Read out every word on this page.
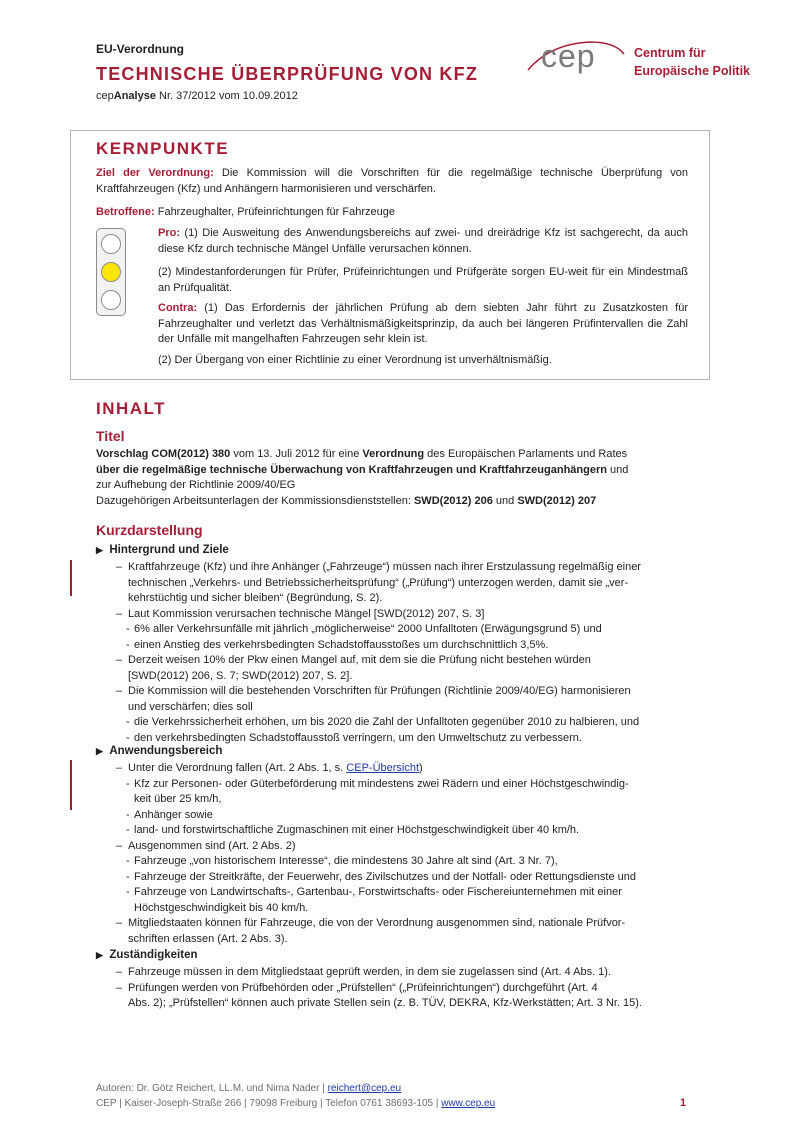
EU-Verordnung
TECHNISCHE ÜBERPRÜFUNG VON KFZ
cepAnalyse Nr. 37/2012 vom 10.09.2012
cep	Centrum für
Europäische Politik
KERNPUNKTE
Ziel der Verordnung: Die Kommission will die Vorschriften für die regelmäßige technische Überprüfung von Kraftfahrzeugen (Kfz) und Anhängern harmonisieren und verschärfen.
Betroffene: Fahrzeughalter, Prüfeinrichtungen für Fahrzeuge
Pro: (1) Die Ausweitung des Anwendungsbereichs auf zwei- und dreirädrige Kfz ist sachgerecht, da auch diese Kfz durch technische Mängel Unfälle verursachen können.
(2) Mindestanforderungen für Prüfer, Prüfeinrichtungen und Prüfgeräte sorgen EU-weit für ein Mindestmaß an Prüfqualität.
Contra: (1) Das Erfordernis der jährlichen Prüfung ab dem siebten Jahr führt zu Zusatzkosten für Fahrzeughalter und verletzt das Verhältnismäßigkeitsprinzip, da auch bei längeren Prüfintervallen die Zahl der Unfälle mit mangelhaften Fahrzeugen sehr klein ist.
(2) Der Übergang von einer Richtlinie zu einer Verordnung ist unverhältnismäßig.
INHALT
Titel
Vorschlag COM(2012) 380 vom 13. Juli 2012 für eine Verordnung des Europäischen Parlaments und Rates
über die regelmäßige technische Überwachung von Kraftfahrzeugen und Kraftfahrzeuganhängern und
zur Aufhebung der Richtlinie 2009/40/EG
Dazugehörigen Arbeitsunterlagen der Kommissionsdienststellen: SWD(2012) 206 und SWD(2012) 207
Kurzdarstellung
▶ Hintergrund und Ziele
– Kraftfahrzeuge (Kfz) und ihre Anhänger („Fahrzeuge“) müssen nach ihrer Erstzulassung regelmäßig einer
technischen „Verkehrs- und Betriebssicherheitsprüfung“ („Prüfung“) unterzogen werden, damit sie „ver-
kehrstüchtig und sicher bleiben“ (Begründung, S. 2).
– Laut Kommission verursachen technische Mängel [SWD(2012) 207, S. 3]
- 6% aller Verkehrsunfälle mit jährlich „möglicherweise“ 2000 Unfalltoten (Erwägungsgrund 5) und
- einen Anstieg des verkehrsbedingten Schadstoffausstoßes um durchschnittlich 3,5%.
– Derzeit weisen 10% der Pkw einen Mangel auf, mit dem sie die Prüfung nicht bestehen würden
[SWD(2012) 206, S. 7; SWD(2012) 207, S. 2].
– Die Kommission will die bestehenden Vorschriften für Prüfungen (Richtlinie 2009/40/EG) harmonisieren
und verschärfen; dies soll
- die Verkehrssicherheit erhöhen, um bis 2020 die Zahl der Unfalltoten gegenüber 2010 zu halbieren, und
- den verkehrsbedingten Schadstoffausstoß verringern, um den Umweltschutz zu verbessern.
▶ Anwendungsbereich
– Unter die Verordnung fallen (Art. 2 Abs. 1, s. CEP-Übersicht)
- Kfz zur Personen- oder Güterbeförderung mit mindestens zwei Rädern und einer Höchstgeschwindig-
keit über 25 km/h,
- Anhänger sowie
- land- und forstwirtschaftliche Zugmaschinen mit einer Höchstgeschwindigkeit über 40 km/h.
– Ausgenommen sind (Art. 2 Abs. 2)
- Fahrzeuge „von historischem Interesse“, die mindestens 30 Jahre alt sind (Art. 3 Nr. 7),
- Fahrzeuge der Streitkräfte, der Feuerwehr, des Zivilschutzes und der Notfall- oder Rettungsdienste und
- Fahrzeuge von Landwirtschafts-, Gartenbau-, Forstwirtschafts- oder Fischereiunternehmen mit einer
Höchstgeschwindigkeit bis 40 km/h.
– Mitgliedstaaten können für Fahrzeuge, die von der Verordnung ausgenommen sind, nationale Prüfvor-
schriften erlassen (Art. 2 Abs. 3).
▶ Zuständigkeiten
– Fahrzeuge müssen in dem Mitgliedstaat geprüft werden, in dem sie zugelassen sind (Art. 4 Abs. 1).
– Prüfungen werden von Prüfbehörden oder „Prüfstellen“ („Prüfeinrichtungen“) durchgeführt (Art. 4
Abs. 2); „Prüfstellen“ können auch private Stellen sein (z. B. TÜV, DEKRA, Kfz-Werkstätten; Art. 3 Nr. 15).
Autoren: Dr. Götz Reichert, LL.M. und Nima Nader | reichert@cep.eu
CEP | Kaiser-Joseph-Straße 266 | 79098 Freiburg | Telefon 0761 38693-105 | www.cep.eu	1
